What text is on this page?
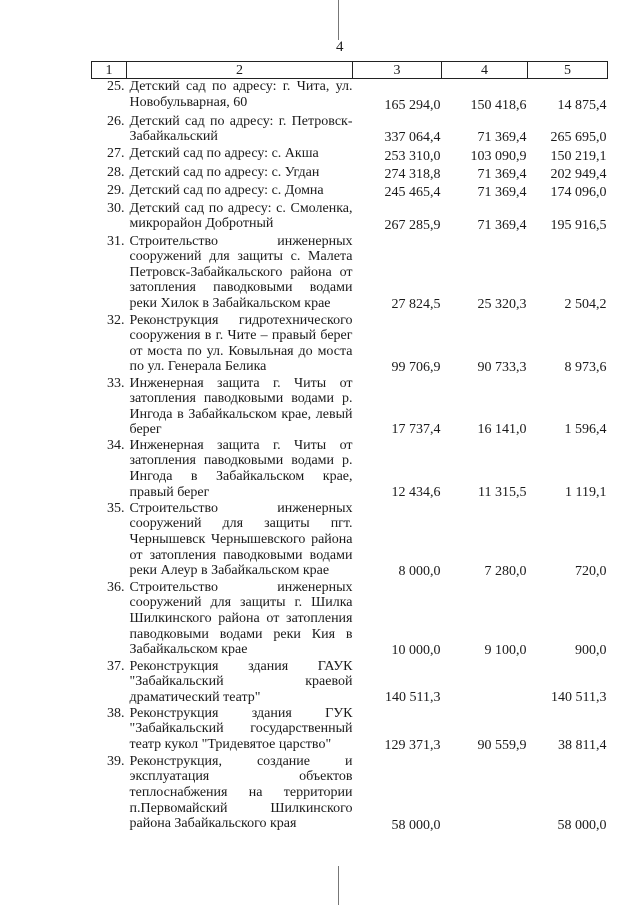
4
1	2	3	4	5
25.	Детский сад по адресу: г. Чита, ул. Новобульварная, 60	165 294,0	150 418,6	14 875,4
26.	Детский сад по адресу: г. Петровск-Забайкальский	337 064,4	71 369,4	265 695,0
27.	Детский сад по адресу: с. Акша	253 310,0	103 090,9	150 219,1
28.	Детский сад по адресу: с. Угдан	274 318,8	71 369,4	202 949,4
29.	Детский сад по адресу: с. Домна	245 465,4	71 369,4	174 096,0
30.	Детский сад по адресу: с. Смоленка, микрорайон Добротный	267 285,9	71 369,4	195 916,5
31.	Строительство инженерных сооружений для защиты с. Малета Петровск-Забайкальского района от затопления паводковыми водами реки Хилок в Забайкальском крае	27 824,5	25 320,3	2 504,2
32.	Реконструкция гидротехнического сооружения в г. Чите – правый берег от моста по ул. Ковыльная до моста по ул. Генерала Белика	99 706,9	90 733,3	8 973,6
33.	Инженерная защита г. Читы от затопления паводковыми водами р. Ингода в Забайкальском крае, левый берег	17 737,4	16 141,0	1 596,4
34.	Инженерная защита г. Читы от затопления паводковыми водами р. Ингода в Забайкальском крае, правый берег	12 434,6	11 315,5	1 119,1
35.	Строительство инженерных сооружений для защиты пгт. Чернышевск Чернышевского района от затопления паводковыми водами реки Алеур в Забайкальском крае	8 000,0	7 280,0	720,0
36.	Строительство инженерных сооружений для защиты г. Шилка Шилкинского района от затопления паводковыми водами реки Кия в Забайкальском крае	10 000,0	9 100,0	900,0
37.	Реконструкция здания ГАУК "Забайкальский краевой драматический театр"	140 511,3		140 511,3
38.	Реконструкция здания ГУК "Забайкальский государственный театр кукол "Тридевятое царство"	129 371,3	90 559,9	38 811,4
39.	Реконструкция, создание и эксплуатация объектов теплоснабжения на территории п.Первомайский Шилкинского района Забайкальского края	58 000,0		58 000,0
